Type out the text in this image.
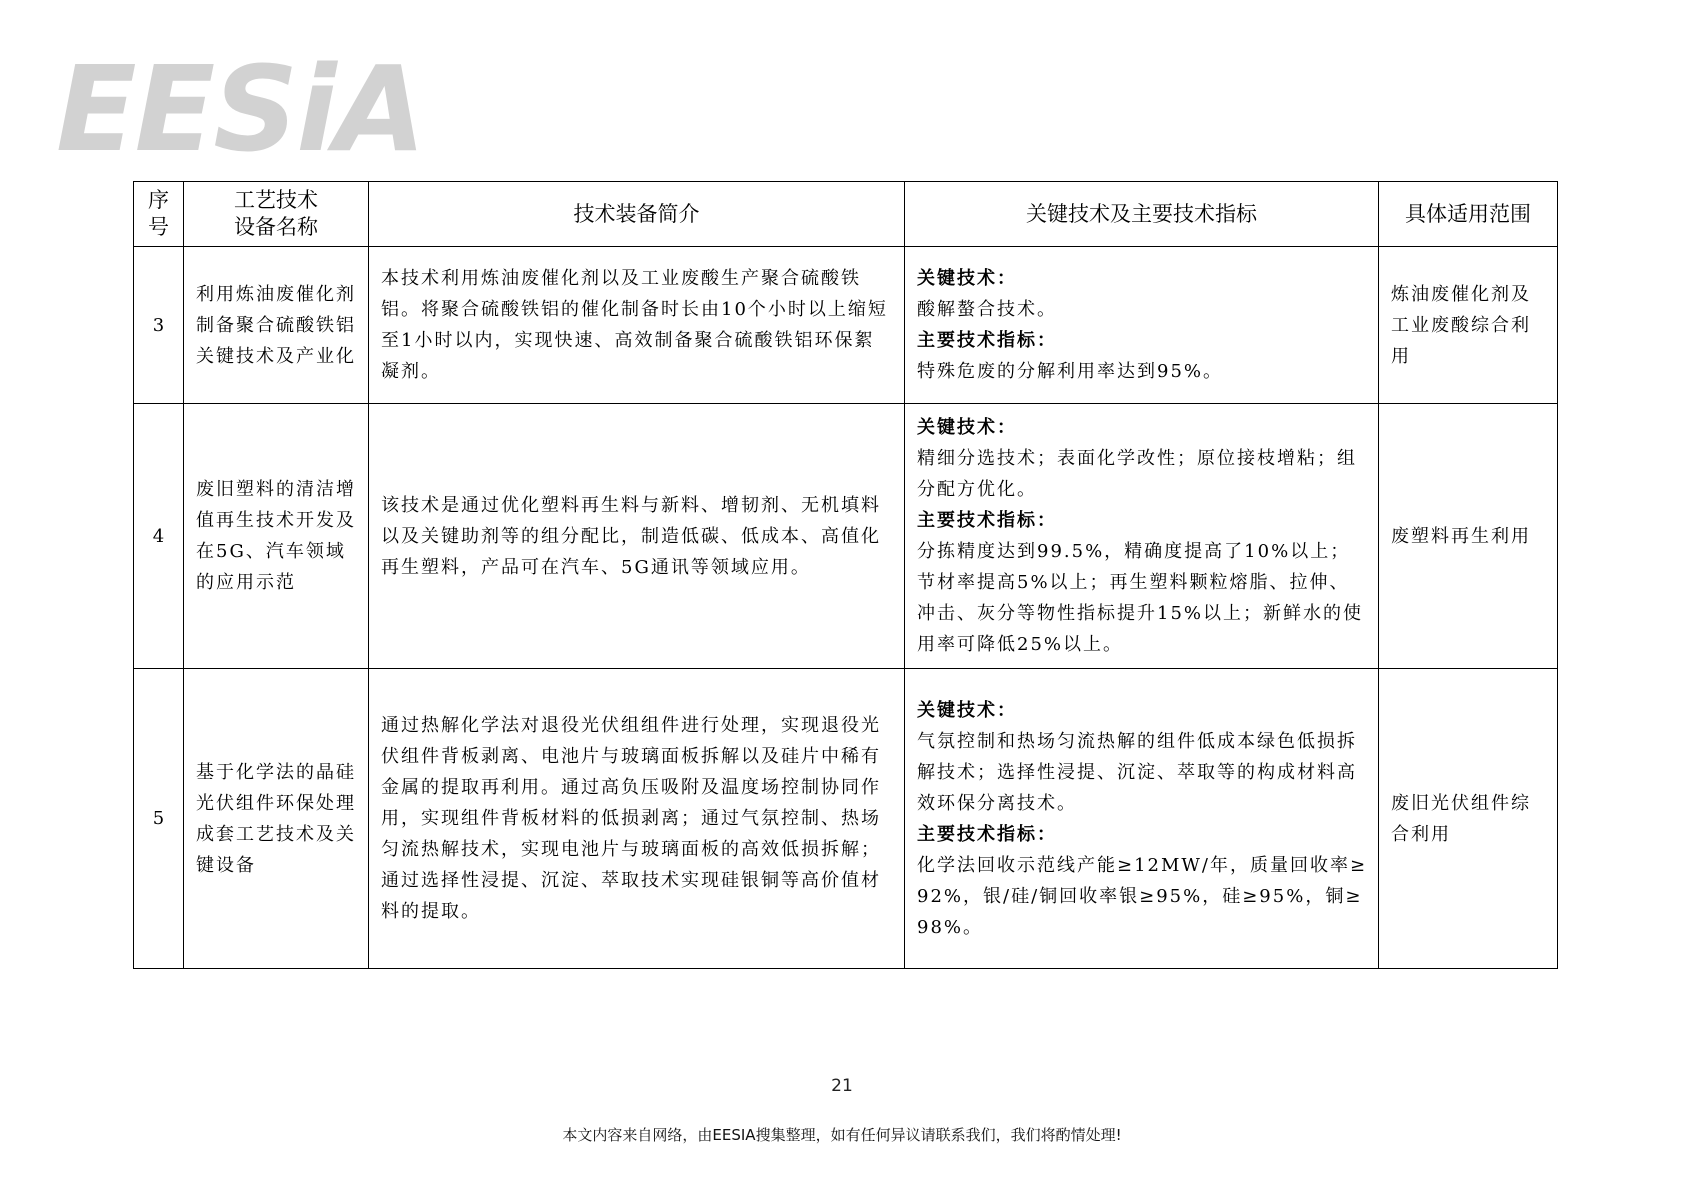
EESiA
序
号	工艺技术
设备名称	技术装备简介	关键技术及主要技术指标	具体适用范围
3	利用炼油废催化剂制备聚合硫酸铁铝关键技术及产业化	本技术利用炼油废催化剂以及工业废酸生产聚合硫酸铁铝。将聚合硫酸铁铝的催化制备时长由10个小时以上缩短至1小时以内，实现快速、高效制备聚合硫酸铁铝环保絮凝剂。	关键技术：
酸解螯合技术。
主要技术指标：
特殊危废的分解利用率达到95%。	炼油废催化剂及工业废酸综合利用
4	废旧塑料的清洁增值再生技术开发及在5G、汽车领域的应用示范	该技术是通过优化塑料再生料与新料、增韧剂、无机填料以及关键助剂等的组分配比，制造低碳、低成本、高值化再生塑料，产品可在汽车、5G通讯等领域应用。	关键技术：
精细分选技术；表面化学改性；原位接枝增粘；组分配方优化。
主要技术指标：
分拣精度达到99.5%，精确度提高了10%以上；节材率提高5%以上；再生塑料颗粒熔脂、拉伸、冲击、灰分等物性指标提升15%以上；新鲜水的使用率可降低25%以上。	废塑料再生利用
5	基于化学法的晶硅光伏组件环保处理成套工艺技术及关键设备	通过热解化学法对退役光伏组组件进行处理，实现退役光伏组件背板剥离、电池片与玻璃面板拆解以及硅片中稀有金属的提取再利用。通过高负压吸附及温度场控制协同作用，实现组件背板材料的低损剥离；通过气氛控制、热场匀流热解技术，实现电池片与玻璃面板的高效低损拆解；通过选择性浸提、沉淀、萃取技术实现硅银铜等高价值材料的提取。	关键技术：
气氛控制和热场匀流热解的组件低成本绿色低损拆解技术；选择性浸提、沉淀、萃取等的构成材料高效环保分离技术。
主要技术指标：
化学法回收示范线产能≥12MW/年，质量回收率≥92%，银/硅/铜回收率银≥95%，硅≥95%，铜≥98%。	废旧光伏组件综合利用
21
本文内容来自网络，由EESIA搜集整理，如有任何异议请联系我们，我们将酌情处理!
